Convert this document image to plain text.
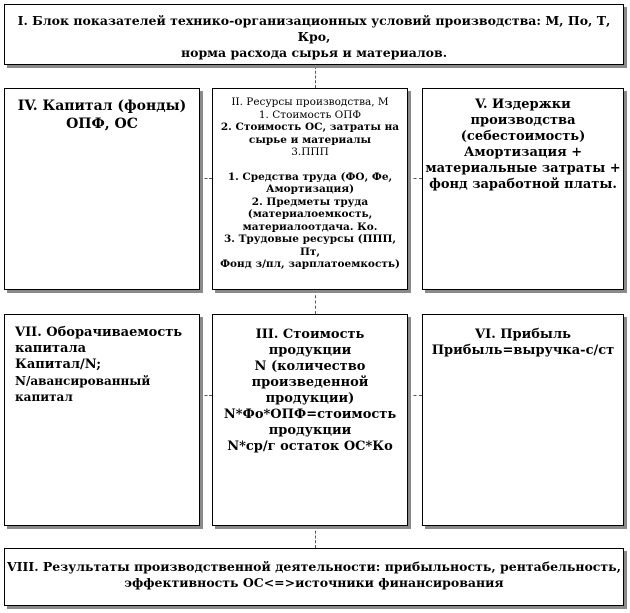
I. Блок показателей технико-организационных условий производства: М, По, Т, Кро,

норма расхода сырья и материалов.

IV. Капитал (фонды)

ОПФ, ОС

II. Ресурсы производства, М

1. Стоимость ОПФ

2. Стоимость ОС, затраты на

сырье и материалы

3.ППП

1. Средства труда (ФО, Фе,

Амортизация)

2. Предметы труда

(материалоемкость,

материалоотдача. Ко.

3. Трудовые ресурсы (ППП, Пт,

Фонд з/пл, зарплатоемкость)

V. Издержки

производства

(себестоимость)

Амортизация +

материальные затраты +

фонд заработной платы.

VII. Оборачиваемость

капитала

Капитал/N;

N/авансированный капитал

III. Стоимость продукции

N (количество

произведенной продукции)

N*Фо*ОПФ=стоимость

продукции

N*ср/г остаток ОС*Ко

VI. Прибыль

Прибыль=выручка-с/ст

VIII. Результаты производственной деятельности: прибыльность, рентабельность,

эффективность ОС<=>источники финансирования
